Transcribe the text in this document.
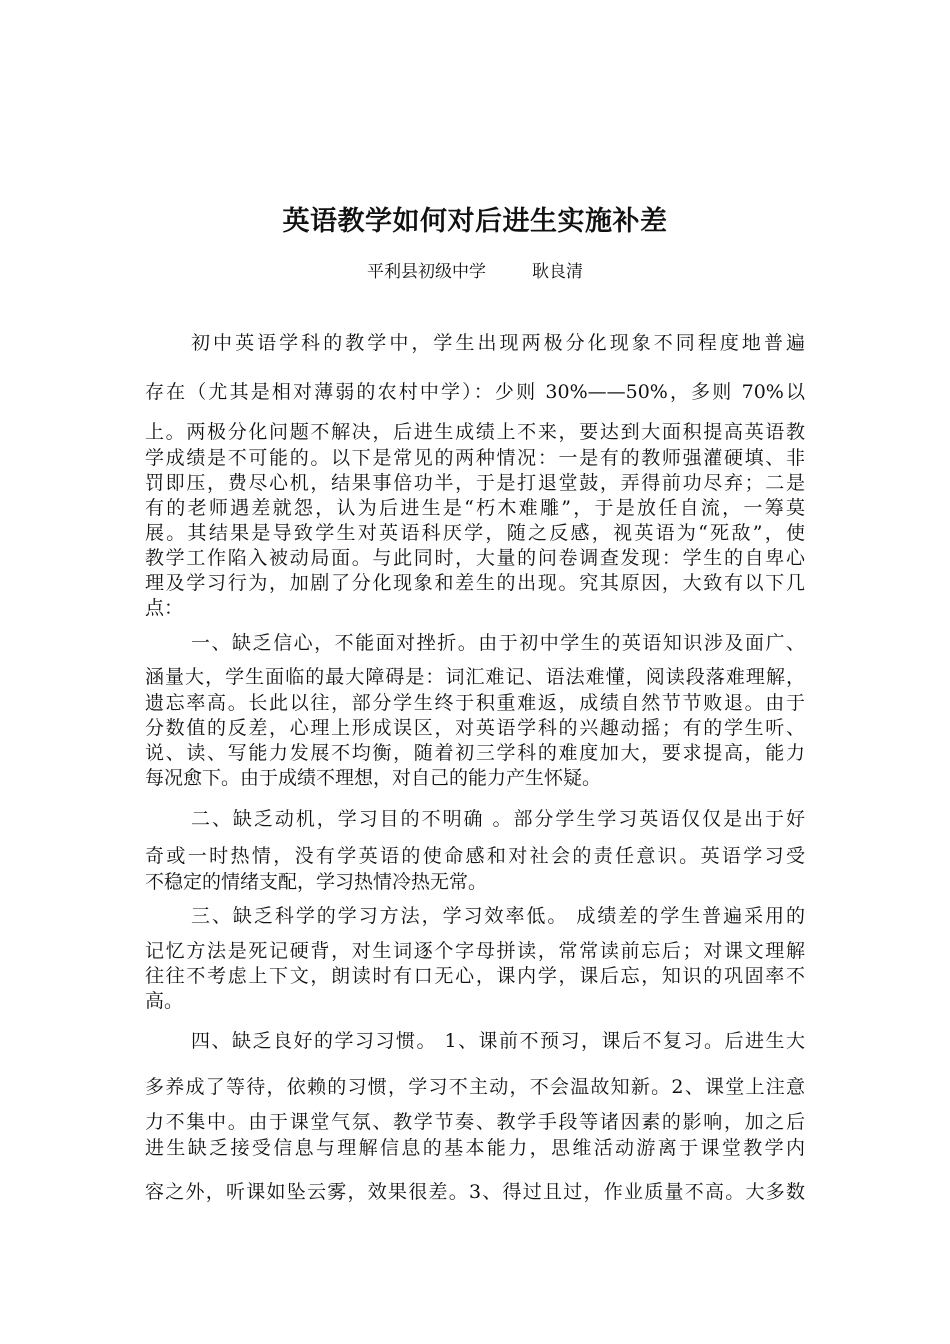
英语教学如何对后进生实施补差
平利县初级中学	耿良清
初中英语学科的教学中，学生出现两极分化现象不同程度地普遍
存在（尤其是相对薄弱的农村中学）：少则 30%——50%，多则 70%以
上。两极分化问题不解决，后进生成绩上不来，要达到大面积提高英语教
学成绩是不可能的。以下是常见的两种情况：一是有的教师强灌硬填、非
罚即压，费尽心机，结果事倍功半，于是打退堂鼓，弄得前功尽弃；二是
有的老师遇差就怨，认为后进生是“朽木难雕”，于是放任自流，一筹莫
展。其结果是导致学生对英语科厌学，随之反感，视英语为“死敌”，使
教学工作陷入被动局面。与此同时，大量的问卷调查发现：学生的自卑心
理及学习行为，加剧了分化现象和差生的出现。究其原因，大致有以下几
点：
一、缺乏信心，不能面对挫折。由于初中学生的英语知识涉及面广、
涵量大，学生面临的最大障碍是：词汇难记、语法难懂，阅读段落难理解，
遗忘率高。长此以往，部分学生终于积重难返，成绩自然节节败退。由于
分数值的反差，心理上形成误区，对英语学科的兴趣动摇；有的学生听、
说、读、写能力发展不均衡，随着初三学科的难度加大，要求提高，能力
每况愈下。由于成绩不理想，对自己的能力产生怀疑。
二、缺乏动机，学习目的不明确 。部分学生学习英语仅仅是出于好
奇或一时热情，没有学英语的使命感和对社会的责任意识。英语学习受
不稳定的情绪支配，学习热情冷热无常。
三、缺乏科学的学习方法，学习效率低。 成绩差的学生普遍采用的
记忆方法是死记硬背，对生词逐个字母拼读，常常读前忘后；对课文理解
往往不考虑上下文，朗读时有口无心，课内学，课后忘，知识的巩固率不
高。
四、缺乏良好的学习习惯。 1、课前不预习，课后不复习。后进生大
多养成了等待，依赖的习惯，学习不主动，不会温故知新。2、课堂上注意
力不集中。由于课堂气氛、教学节奏、教学手段等诸因素的影响，加之后
进生缺乏接受信息与理解信息的基本能力，思维活动游离于课堂教学内
容之外，听课如坠云雾，效果很差。3、得过且过，作业质量不高。大多数
